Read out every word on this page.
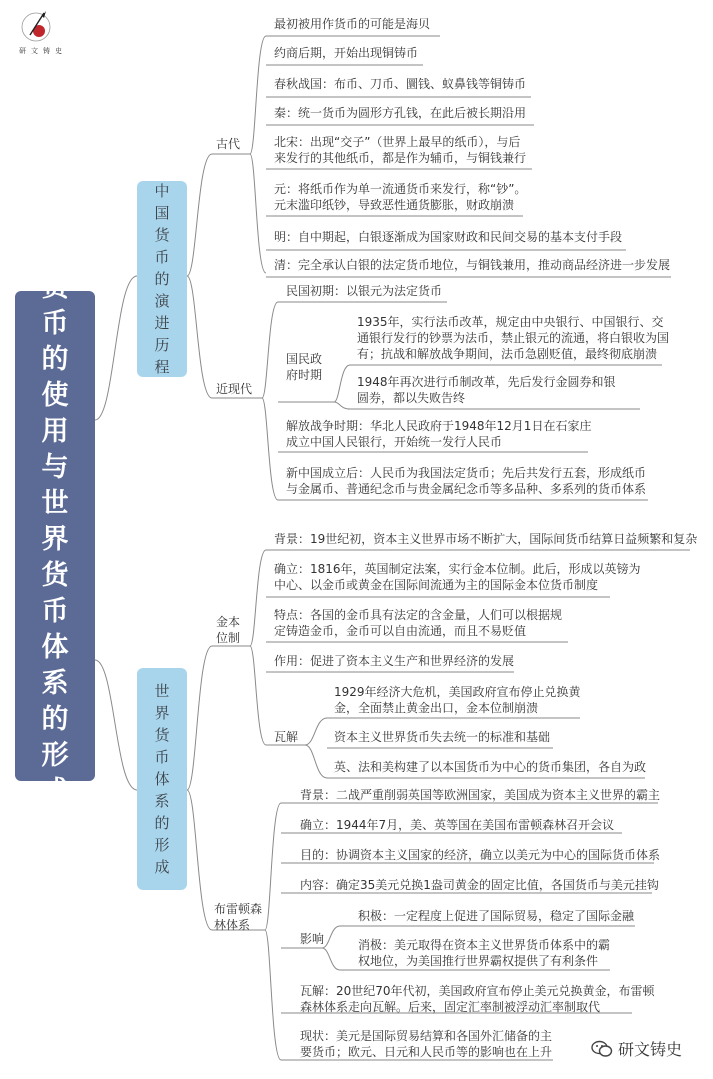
研文铸史
货币的使用与世界货币体系的形成
中国货币的演进历程
世界货币体系的形成
古代
最初被用作货币的可能是海贝
约商后期，开始出现铜铸币
春秋战国：布币、刀币、圜钱、蚁鼻钱等铜铸币
秦：统一货币为圆形方孔钱，在此后被长期沿用
北宋：出现“交子”（世界上最早的纸币），与后
来发行的其他纸币，都是作为辅币，与铜钱兼行
元：将纸币作为单一流通货币来发行，称“钞”。
元末滥印纸钞，导致恶性通货膨胀，财政崩溃
明：自中期起，白银逐渐成为国家财政和民间交易的基本支付手段
清：完全承认白银的法定货币地位，与铜钱兼用，推动商品经济进一步发展
近现代
民国初期：以银元为法定货币
国民政
府时期
1935年，实行法币改革，规定由中央银行、中国银行、交
通银行发行的钞票为法币，禁止银元的流通，将白银收为国
有；抗战和解放战争期间，法币急剧贬值，最终彻底崩溃
1948年再次进行币制改革，先后发行金圆券和银
圆券，都以失败告终
解放战争时期：华北人民政府于1948年12月1日在石家庄
成立中国人民银行，开始统一发行人民币
新中国成立后：人民币为我国法定货币；先后共发行五套，形成纸币
与金属币、普通纪念币与贵金属纪念币等多品种、多系列的货币体系
金本
位制
背景：19世纪初，资本主义世界市场不断扩大，国际间货币结算日益频繁和复杂
确立：1816年，英国制定法案，实行金本位制。此后，形成以英镑为
中心、以金币或黄金在国际间流通为主的国际金本位货币制度
特点：各国的金币具有法定的含金量，人们可以根据规
定铸造金币，金币可以自由流通，而且不易贬值
作用：促进了资本主义生产和世界经济的发展
瓦解
1929年经济大危机，美国政府宣布停止兑换黄
金，全面禁止黄金出口，金本位制崩溃
资本主义世界货币失去统一的标准和基础
英、法和美构建了以本国货币为中心的货币集团，各自为政
布雷顿森
林体系
背景：二战严重削弱英国等欧洲国家，美国成为资本主义世界的霸主
确立：1944年7月，美、英等国在美国布雷顿森林召开会议
目的：协调资本主义国家的经济，确立以美元为中心的国际货币体系
内容：确定35美元兑换1盎司黄金的固定比值，各国货币与美元挂钩
影响
积极：一定程度上促进了国际贸易，稳定了国际金融
消极：美元取得在资本主义世界货币体系中的霸
权地位，为美国推行世界霸权提供了有利条件
瓦解：20世纪70年代初，美国政府宣布停止美元兑换黄金，布雷顿
森林体系走向瓦解。后来，固定汇率制被浮动汇率制取代
现状：美元是国际贸易结算和各国外汇储备的主
要货币；欧元、日元和人民币等的影响也在上升	研文铸史
